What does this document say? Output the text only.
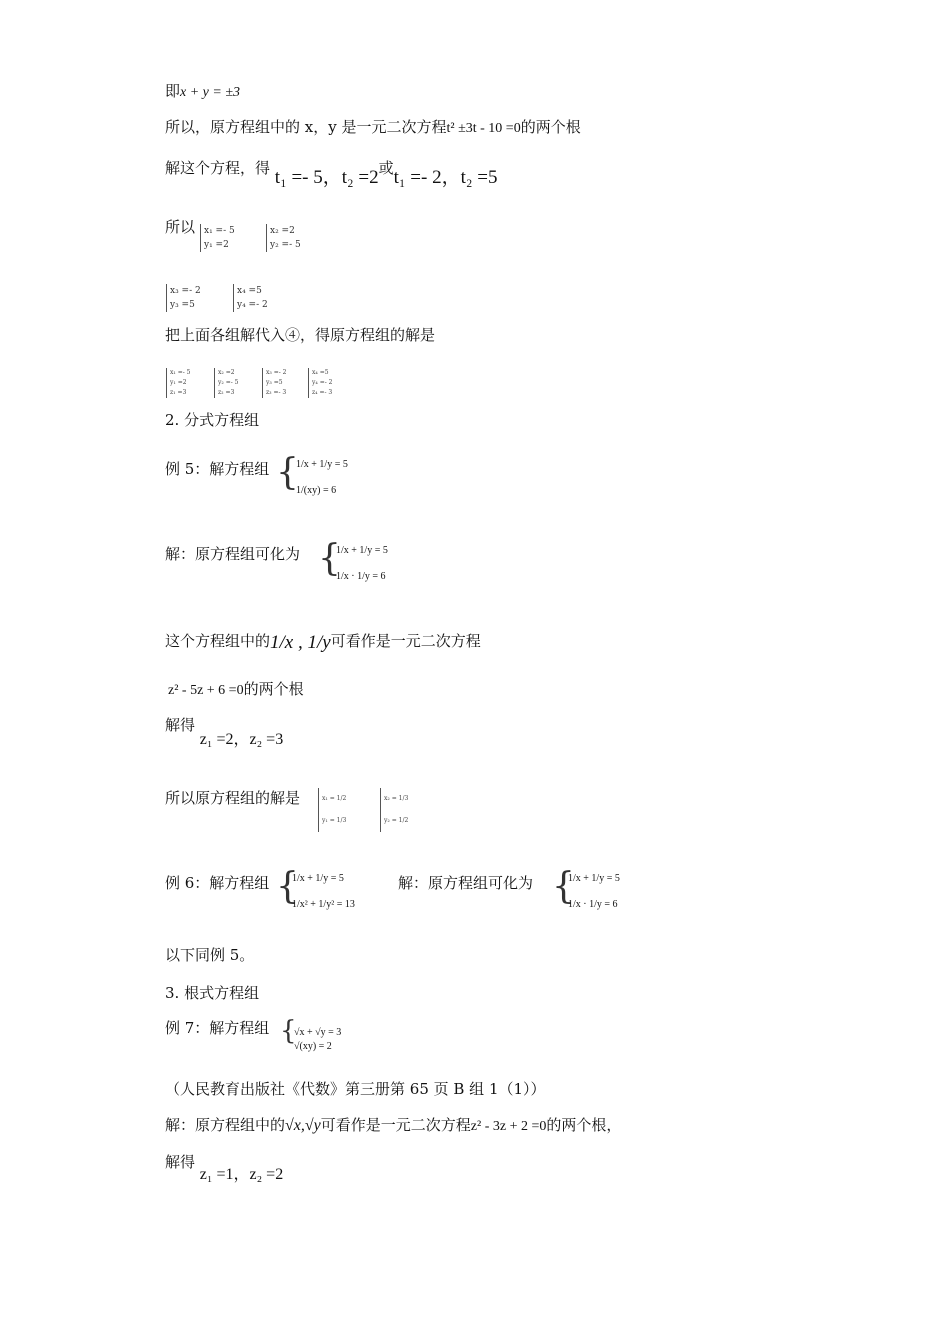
即x + y = ±3
所以，原方程组中的 x，y 是一元二次方程t² ±3t - 10 =0的两个根
解这个方程，得 t₁ =- 5，t₂ =2或t₁ =- 2，t₂ =5
所以 x₁ =- 5
y₁ =2
x₂ =2
y₂ =- 5
x₃ =- 2
y₃ =5
x₄ =5
y₄ =- 2
把上面各组解代入④，得原方程组的解是
x₁ =- 5
y₁ =2
z₁ =3
x₂ =2
y₂ =- 5
z₂ =3
x₃ =- 2
y₃ =5
z₃ =- 3
x₄ =5
y₄ =- 2
z₄ =- 3
2. 分式方程组
例 5：解方程组 {
1/x + 1/y = 5
1/(xy) = 6
解：原方程组可化为 {
1/x + 1/y = 5
1/x · 1/y = 6
这个方程组中的1/x , 1/y可看作是一元二次方程
z² - 5z + 6 =0的两个根
解得 z₁ =2，z₂ =3
所以原方程组的解是	x₁ = 1/2
y₁ = 1/3
x₂ = 1/3
y₂ = 1/2
例 6：解方程组 {
1/x + 1/y = 5
1/x² + 1/y² = 13
解：原方程组可化为 {
1/x + 1/y = 5
1/x · 1/y = 6
以下同例 5。
3. 根式方程组
例 7：解方程组 {
√x + √y = 3
√(xy) = 2
（人民教育出版社《代数》第三册第 65 页 B 组 1（1））
解：原方程组中的√x,√y可看作是一元二次方程z² - 3z + 2 =0的两个根，
解得 z₁ =1，z₂ =2
